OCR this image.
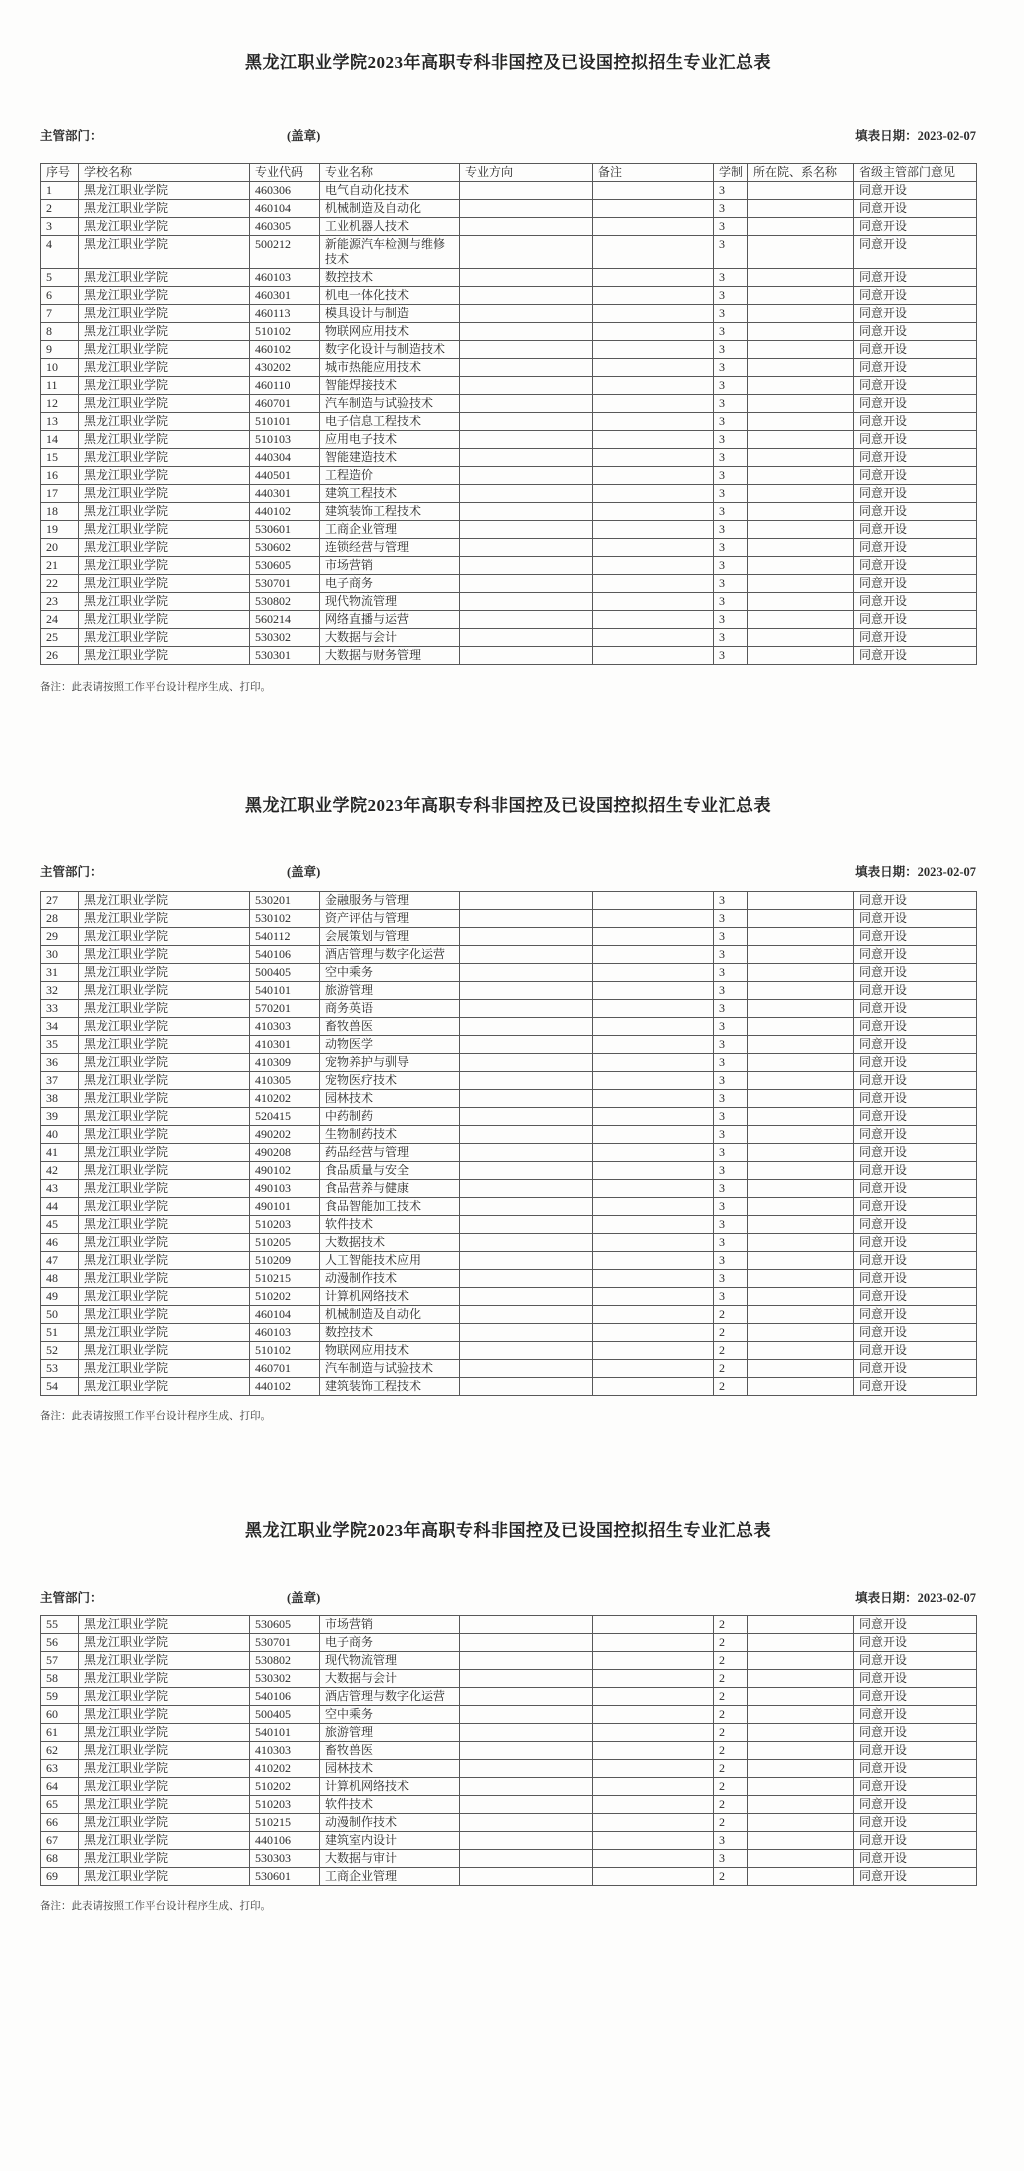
黑龙江职业学院2023年高职专科非国控及已设国控拟招生专业汇总表
主管部门：	(盖章)	填表日期：2023-02-07
序号	学校名称	专业代码	专业名称	专业方向	备注	学制	所在院、系名称	省级主管部门意见
1	黑龙江职业学院	460306	电气自动化技术			3		同意开设
2	黑龙江职业学院	460104	机械制造及自动化			3		同意开设
3	黑龙江职业学院	460305	工业机器人技术			3		同意开设
4	黑龙江职业学院	500212	新能源汽车检测与维修技术			3		同意开设
5	黑龙江职业学院	460103	数控技术			3		同意开设
6	黑龙江职业学院	460301	机电一体化技术			3		同意开设
7	黑龙江职业学院	460113	模具设计与制造			3		同意开设
8	黑龙江职业学院	510102	物联网应用技术			3		同意开设
9	黑龙江职业学院	460102	数字化设计与制造技术			3		同意开设
10	黑龙江职业学院	430202	城市热能应用技术			3		同意开设
11	黑龙江职业学院	460110	智能焊接技术			3		同意开设
12	黑龙江职业学院	460701	汽车制造与试验技术			3		同意开设
13	黑龙江职业学院	510101	电子信息工程技术			3		同意开设
14	黑龙江职业学院	510103	应用电子技术			3		同意开设
15	黑龙江职业学院	440304	智能建造技术			3		同意开设
16	黑龙江职业学院	440501	工程造价			3		同意开设
17	黑龙江职业学院	440301	建筑工程技术			3		同意开设
18	黑龙江职业学院	440102	建筑装饰工程技术			3		同意开设
19	黑龙江职业学院	530601	工商企业管理			3		同意开设
20	黑龙江职业学院	530602	连锁经营与管理			3		同意开设
21	黑龙江职业学院	530605	市场营销			3		同意开设
22	黑龙江职业学院	530701	电子商务			3		同意开设
23	黑龙江职业学院	530802	现代物流管理			3		同意开设
24	黑龙江职业学院	560214	网络直播与运营			3		同意开设
25	黑龙江职业学院	530302	大数据与会计			3		同意开设
26	黑龙江职业学院	530301	大数据与财务管理			3		同意开设
备注：此表请按照工作平台设计程序生成、打印。
黑龙江职业学院2023年高职专科非国控及已设国控拟招生专业汇总表
主管部门：	(盖章)	填表日期：2023-02-07
27	黑龙江职业学院	530201	金融服务与管理			3		同意开设
28	黑龙江职业学院	530102	资产评估与管理			3		同意开设
29	黑龙江职业学院	540112	会展策划与管理			3		同意开设
30	黑龙江职业学院	540106	酒店管理与数字化运营			3		同意开设
31	黑龙江职业学院	500405	空中乘务			3		同意开设
32	黑龙江职业学院	540101	旅游管理			3		同意开设
33	黑龙江职业学院	570201	商务英语			3		同意开设
34	黑龙江职业学院	410303	畜牧兽医			3		同意开设
35	黑龙江职业学院	410301	动物医学			3		同意开设
36	黑龙江职业学院	410309	宠物养护与驯导			3		同意开设
37	黑龙江职业学院	410305	宠物医疗技术			3		同意开设
38	黑龙江职业学院	410202	园林技术			3		同意开设
39	黑龙江职业学院	520415	中药制药			3		同意开设
40	黑龙江职业学院	490202	生物制药技术			3		同意开设
41	黑龙江职业学院	490208	药品经营与管理			3		同意开设
42	黑龙江职业学院	490102	食品质量与安全			3		同意开设
43	黑龙江职业学院	490103	食品营养与健康			3		同意开设
44	黑龙江职业学院	490101	食品智能加工技术			3		同意开设
45	黑龙江职业学院	510203	软件技术			3		同意开设
46	黑龙江职业学院	510205	大数据技术			3		同意开设
47	黑龙江职业学院	510209	人工智能技术应用			3		同意开设
48	黑龙江职业学院	510215	动漫制作技术			3		同意开设
49	黑龙江职业学院	510202	计算机网络技术			3		同意开设
50	黑龙江职业学院	460104	机械制造及自动化			2		同意开设
51	黑龙江职业学院	460103	数控技术			2		同意开设
52	黑龙江职业学院	510102	物联网应用技术			2		同意开设
53	黑龙江职业学院	460701	汽车制造与试验技术			2		同意开设
54	黑龙江职业学院	440102	建筑装饰工程技术			2		同意开设
备注：此表请按照工作平台设计程序生成、打印。
黑龙江职业学院2023年高职专科非国控及已设国控拟招生专业汇总表
主管部门：	(盖章)	填表日期：2023-02-07
55	黑龙江职业学院	530605	市场营销			2		同意开设
56	黑龙江职业学院	530701	电子商务			2		同意开设
57	黑龙江职业学院	530802	现代物流管理			2		同意开设
58	黑龙江职业学院	530302	大数据与会计			2		同意开设
59	黑龙江职业学院	540106	酒店管理与数字化运营			2		同意开设
60	黑龙江职业学院	500405	空中乘务			2		同意开设
61	黑龙江职业学院	540101	旅游管理			2		同意开设
62	黑龙江职业学院	410303	畜牧兽医			2		同意开设
63	黑龙江职业学院	410202	园林技术			2		同意开设
64	黑龙江职业学院	510202	计算机网络技术			2		同意开设
65	黑龙江职业学院	510203	软件技术			2		同意开设
66	黑龙江职业学院	510215	动漫制作技术			2		同意开设
67	黑龙江职业学院	440106	建筑室内设计			3		同意开设
68	黑龙江职业学院	530303	大数据与审计			3		同意开设
69	黑龙江职业学院	530601	工商企业管理			2		同意开设
备注：此表请按照工作平台设计程序生成、打印。
